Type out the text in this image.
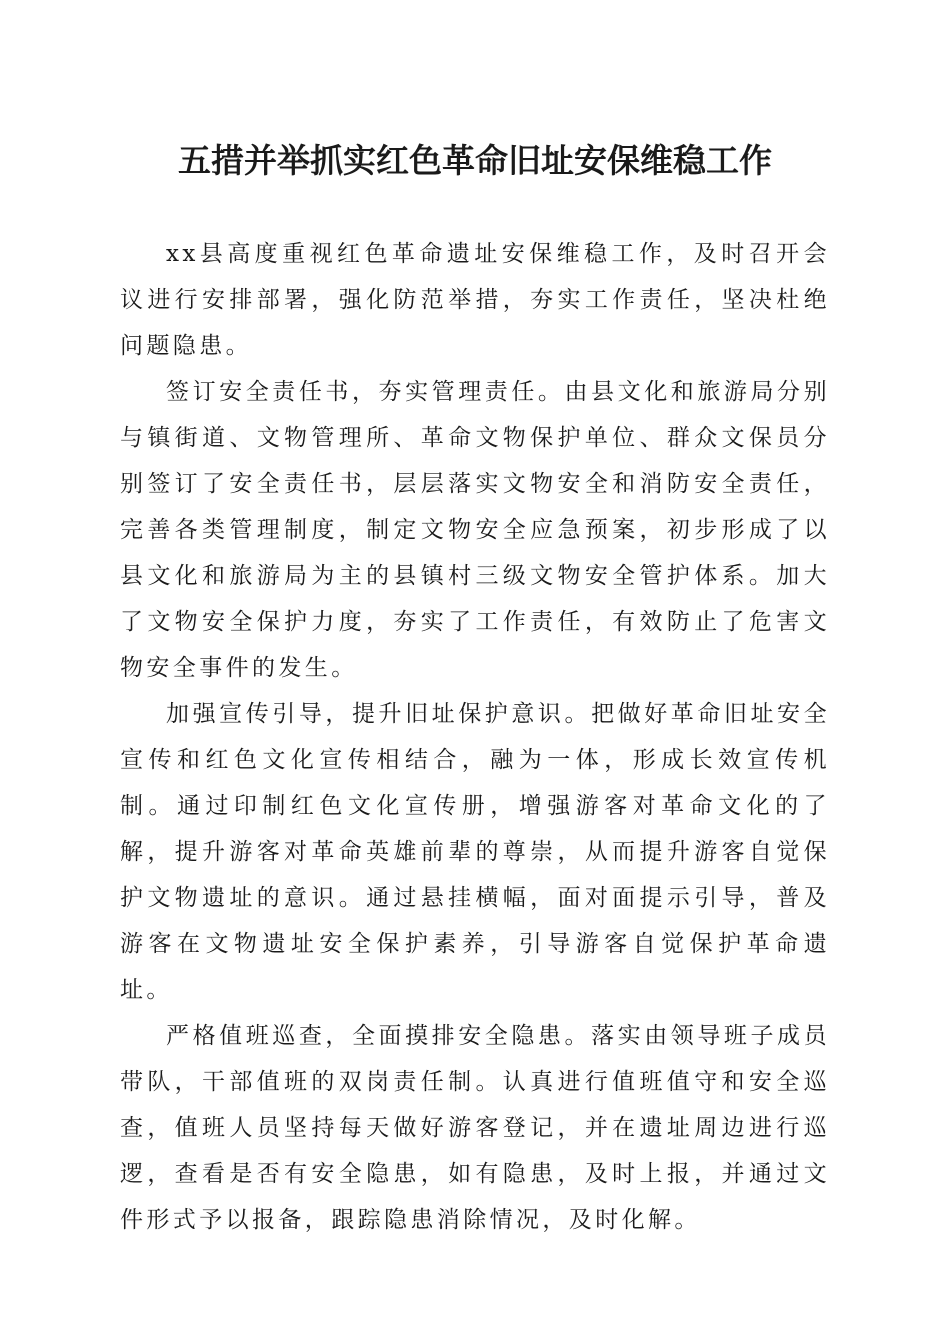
五措并举抓实红色革命旧址安保维稳工作

xx县高度重视红色革命遗址安保维稳工作，及时召开会议进行安排部署，强化防范举措，夯实工作责任，坚决杜绝问题隐患。

签订安全责任书，夯实管理责任。由县文化和旅游局分别与镇街道、文物管理所、革命文物保护单位、群众文保员分别签订了安全责任书，层层落实文物安全和消防安全责任，完善各类管理制度，制定文物安全应急预案，初步形成了以县文化和旅游局为主的县镇村三级文物安全管护体系。加大了文物安全保护力度，夯实了工作责任，有效防止了危害文物安全事件的发生。

加强宣传引导，提升旧址保护意识。把做好革命旧址安全宣传和红色文化宣传相结合，融为一体，形成长效宣传机制。通过印制红色文化宣传册，增强游客对革命文化的了解，提升游客对革命英雄前辈的尊崇，从而提升游客自觉保护文物遗址的意识。通过悬挂横幅，面对面提示引导，普及游客在文物遗址安全保护素养，引导游客自觉保护革命遗址。

严格值班巡查，全面摸排安全隐患。落实由领导班子成员带队，干部值班的双岗责任制。认真进行值班值守和安全巡查，值班人员坚持每天做好游客登记，并在遗址周边进行巡逻，查看是否有安全隐患，如有隐患，及时上报，并通过文件形式予以报备，跟踪隐患消除情况，及时化解。
